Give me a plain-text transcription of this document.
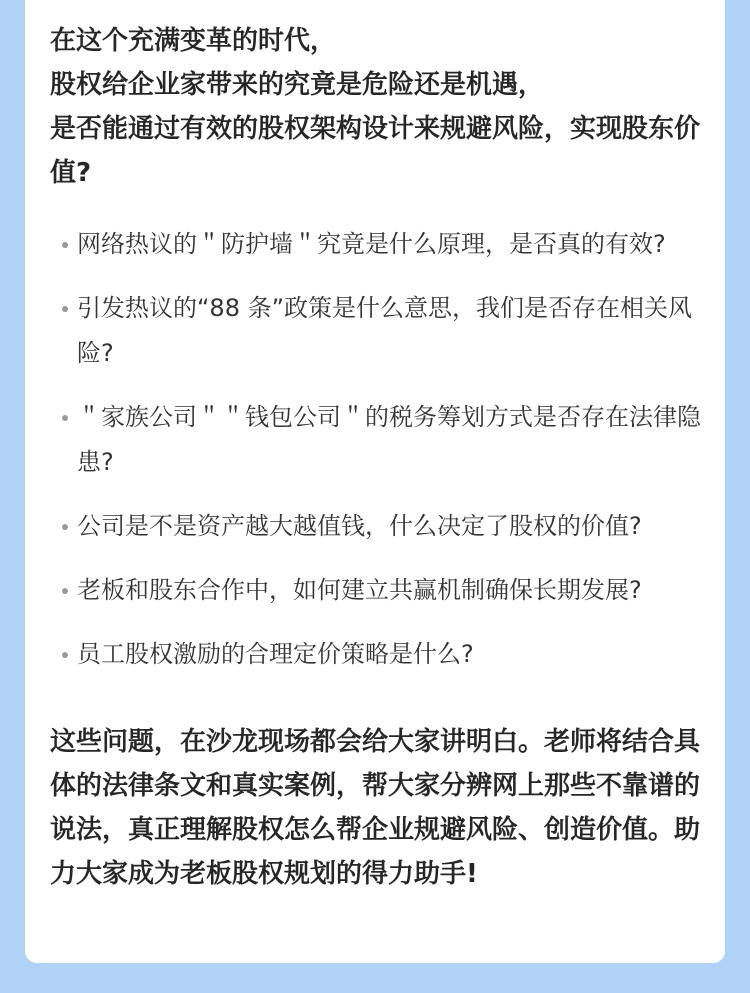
在这个充满变革的时代，
股权给企业家带来的究竟是危险还是机遇，
是否能通过有效的股权架构设计来规避风险，实现股东价值?
网络热议的＂防护墙＂究竟是什么原理，是否真的有效?
引发热议的“88 条”政策是什么意思，我们是否存在相关风险?
＂家族公司＂＂钱包公司＂的税务筹划方式是否存在法律隐患?
公司是不是资产越大越值钱，什么决定了股权的价值?
老板和股东合作中，如何建立共赢机制确保长期发展?
员工股权激励的合理定价策略是什么?

这些问题，在沙龙现场都会给大家讲明白。老师将结合具体的法律条文和真实案例，帮大家分辨网上那些不靠谱的说法，真正理解股权怎么帮企业规避风险、创造价值。助力大家成为老板股权规划的得力助手!
